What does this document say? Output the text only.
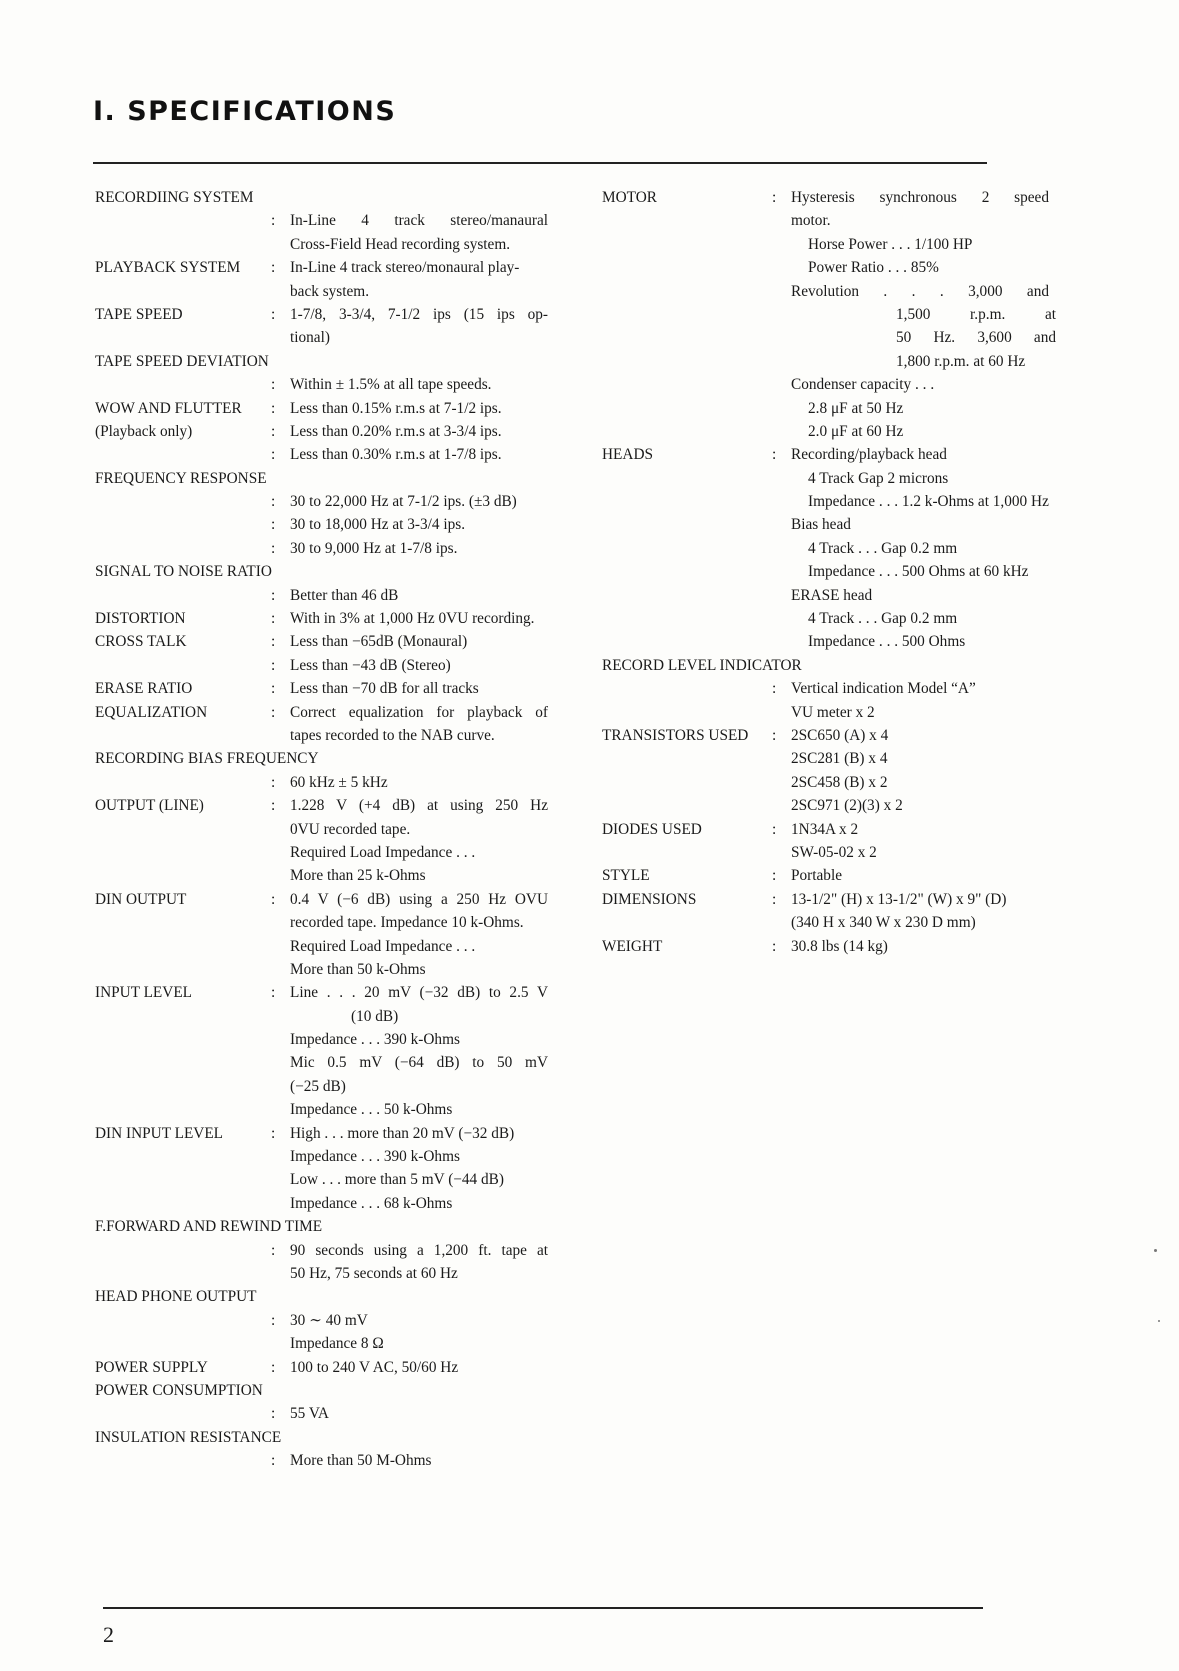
I. SPECIFICATIONS
RECORDIING SYSTEM
: In-Line 4 track stereo/manaural
Cross-Field Head recording system.
PLAYBACK SYSTEM : In-Line 4 track stereo/monaural play-
back system.
TAPE SPEED	: 1-7/8, 3-3/4, 7-1/2 ips (15 ips op-
tional)
TAPE SPEED DEVIATION
: Within ± 1.5% at all tape speeds.
WOW AND FLUTTER : Less than 0.15% r.m.s at 7-1/2 ips.
(Playback only)	: Less than 0.20% r.m.s at 3-3/4 ips.
: Less than 0.30% r.m.s at 1-7/8 ips.
FREQUENCY RESPONSE
: 30 to 22,000 Hz at 7-1/2 ips. (±3 dB)
: 30 to 18,000 Hz at 3-3/4 ips.
: 30 to 9,000 Hz at 1-7/8 ips.
SIGNAL TO NOISE RATIO
: Better than 46 dB
DISTORTION	: With in 3% at 1,000 Hz 0VU recording.
CROSS TALK	: Less than −65dB (Monaural)
: Less than −43 dB (Stereo)
ERASE RATIO	: Less than −70 dB for all tracks
EQUALIZATION	: Correct equalization for playback of
tapes recorded to the NAB curve.
RECORDING BIAS FREQUENCY
: 60 kHz ± 5 kHz
OUTPUT (LINE)	: 1.228 V (+4 dB) at using 250 Hz
0VU recorded tape.
Required Load Impedance . . .
More than 25 k-Ohms
DIN OUTPUT	: 0.4 V (−6 dB) using a 250 Hz OVU
recorded tape. Impedance 10 k-Ohms.
Required Load Impedance . . .
More than 50 k-Ohms
INPUT LEVEL	: Line . . . 20 mV (−32 dB) to 2.5 V
(10 dB)
Impedance . . . 390 k-Ohms
Mic 0.5 mV (−64 dB) to 50 mV
(−25 dB)
Impedance . . . 50 k-Ohms
DIN INPUT LEVEL	: High . . . more than 20 mV (−32 dB)
Impedance . . . 390 k-Ohms
Low . . . more than 5 mV (−44 dB)
Impedance . . . 68 k-Ohms
F.FORWARD AND REWIND TIME
: 90 seconds using a 1,200 ft. tape at
50 Hz, 75 seconds at 60 Hz
HEAD PHONE OUTPUT
: 30 ∼ 40 mV
Impedance 8 Ω
POWER SUPPLY	: 100 to 240 V AC, 50/60 Hz
POWER CONSUMPTION
: 55 VA
INSULATION RESISTANCE
: More than 50 M-Ohms
MOTOR	: Hysteresis synchronous 2 speed
motor.
Horse Power . . . 1/100 HP
Power Ratio . . . 85%
Revolution . . . 3,000 and
1,500 r.p.m. at
50 Hz. 3,600 and
1,800 r.p.m. at 60 Hz
Condenser capacity . . .
2.8 μF at 50 Hz
2.0 μF at 60 Hz
HEADS	: Recording/playback head
4 Track Gap 2 microns
Impedance . . . 1.2 k-Ohms at 1,000 Hz
Bias head
4 Track . . . Gap 0.2 mm
Impedance . . . 500 Ohms at 60 kHz
ERASE head
4 Track . . . Gap 0.2 mm
Impedance . . . 500 Ohms
RECORD LEVEL INDICATOR
: Vertical indication Model “A”
VU meter x 2
TRANSISTORS USED : 2SC650 (A) x 4
2SC281 (B) x 4
2SC458 (B) x 2
2SC971 (2)(3) x 2
DIODES USED	: 1N34A x 2
SW-05-02 x 2
STYLE	: Portable
DIMENSIONS	: 13-1/2" (H) x 13-1/2" (W) x 9" (D)
(340 H x 340 W x 230 D mm)
WEIGHT	: 30.8 lbs (14 kg)
2
